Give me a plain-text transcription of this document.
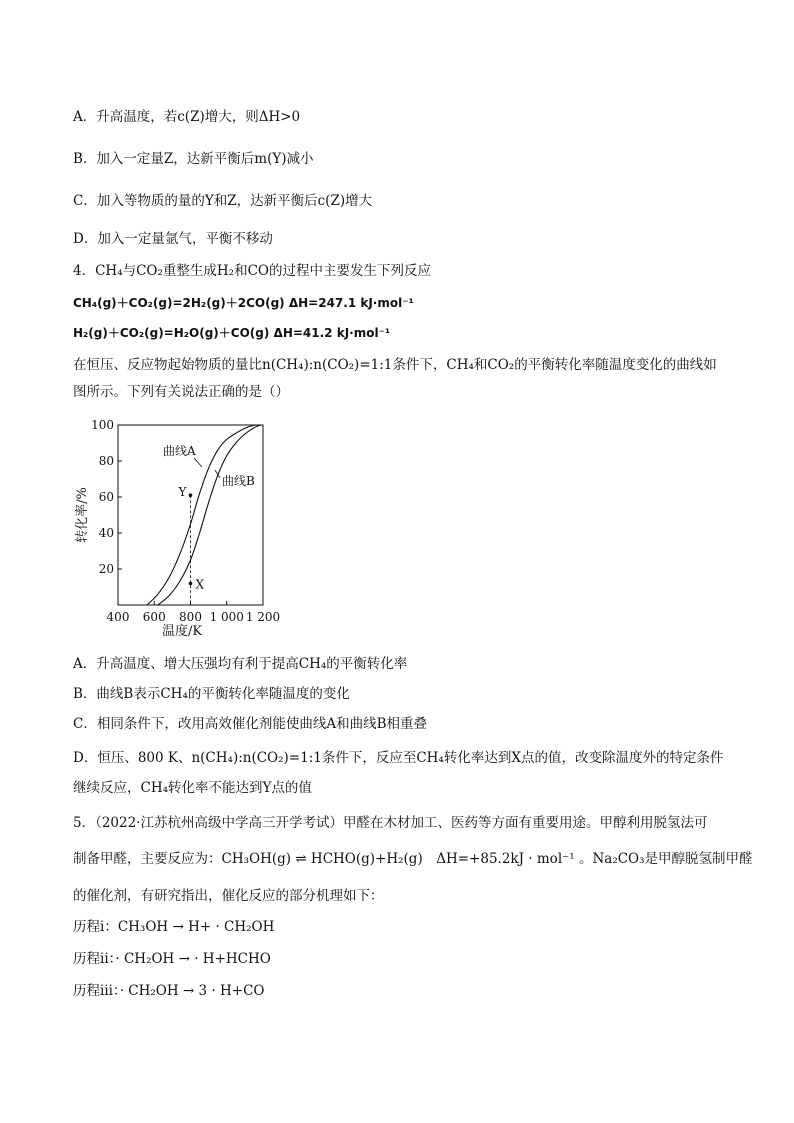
A．升高温度，若c(Z)增大，则ΔH>0
B．加入一定量Z，达新平衡后m(Y)减小
C．加入等物质的量的Y和Z，达新平衡后c(Z)增大
D．加入一定量氩气，平衡不移动
4．CH₄与CO₂重整生成H₂和CO的过程中主要发生下列反应
CH₄(g)＋CO₂(g)=2H₂(g)＋2CO(g) ΔH=247.1 kJ·mol⁻¹
H₂(g)＋CO₂(g)=H₂O(g)＋CO(g) ΔH=41.2 kJ·mol⁻¹
在恒压、反应物起始物质的量比n(CH₄):n(CO₂)=1:1条件下，CH₄和CO₂的平衡转化率随温度变化的曲线如图所示。下列有关说法正确的是（）
20
40
60
80
100
400 600 800 1 000 1 200
Y
X
曲线A
曲线B
转化率/%
温度/K
A．升高温度、增大压强均有利于提高CH₄的平衡转化率
B．曲线B表示CH₄的平衡转化率随温度的变化
C．相同条件下，改用高效催化剂能使曲线A和曲线B相重叠
D．恒压、800 K、n(CH₄):n(CO₂)=1:1条件下，反应至CH₄转化率达到X点的值，改变除温度外的特定条件
继续反应，CH₄转化率不能达到Y点的值
5．（2022·江苏杭州高级中学高三开学考试）甲醛在木材加工、医药等方面有重要用途。甲醇利用脱氢法可
制备甲醛，主要反应为：CH₃OH(g) ⇌ HCHO(g)+H₂(g)　ΔH=+85.2kJ · mol⁻¹ 。Na₂CO₃是甲醇脱氢制甲醛
的催化剂，有研究指出，催化反应的部分机理如下：
历程ⅰ：CH₃OH → H+ · CH₂OH
历程ⅱ：· CH₂OH → · H+HCHO
历程ⅲ：· CH₂OH → 3 · H+CO
